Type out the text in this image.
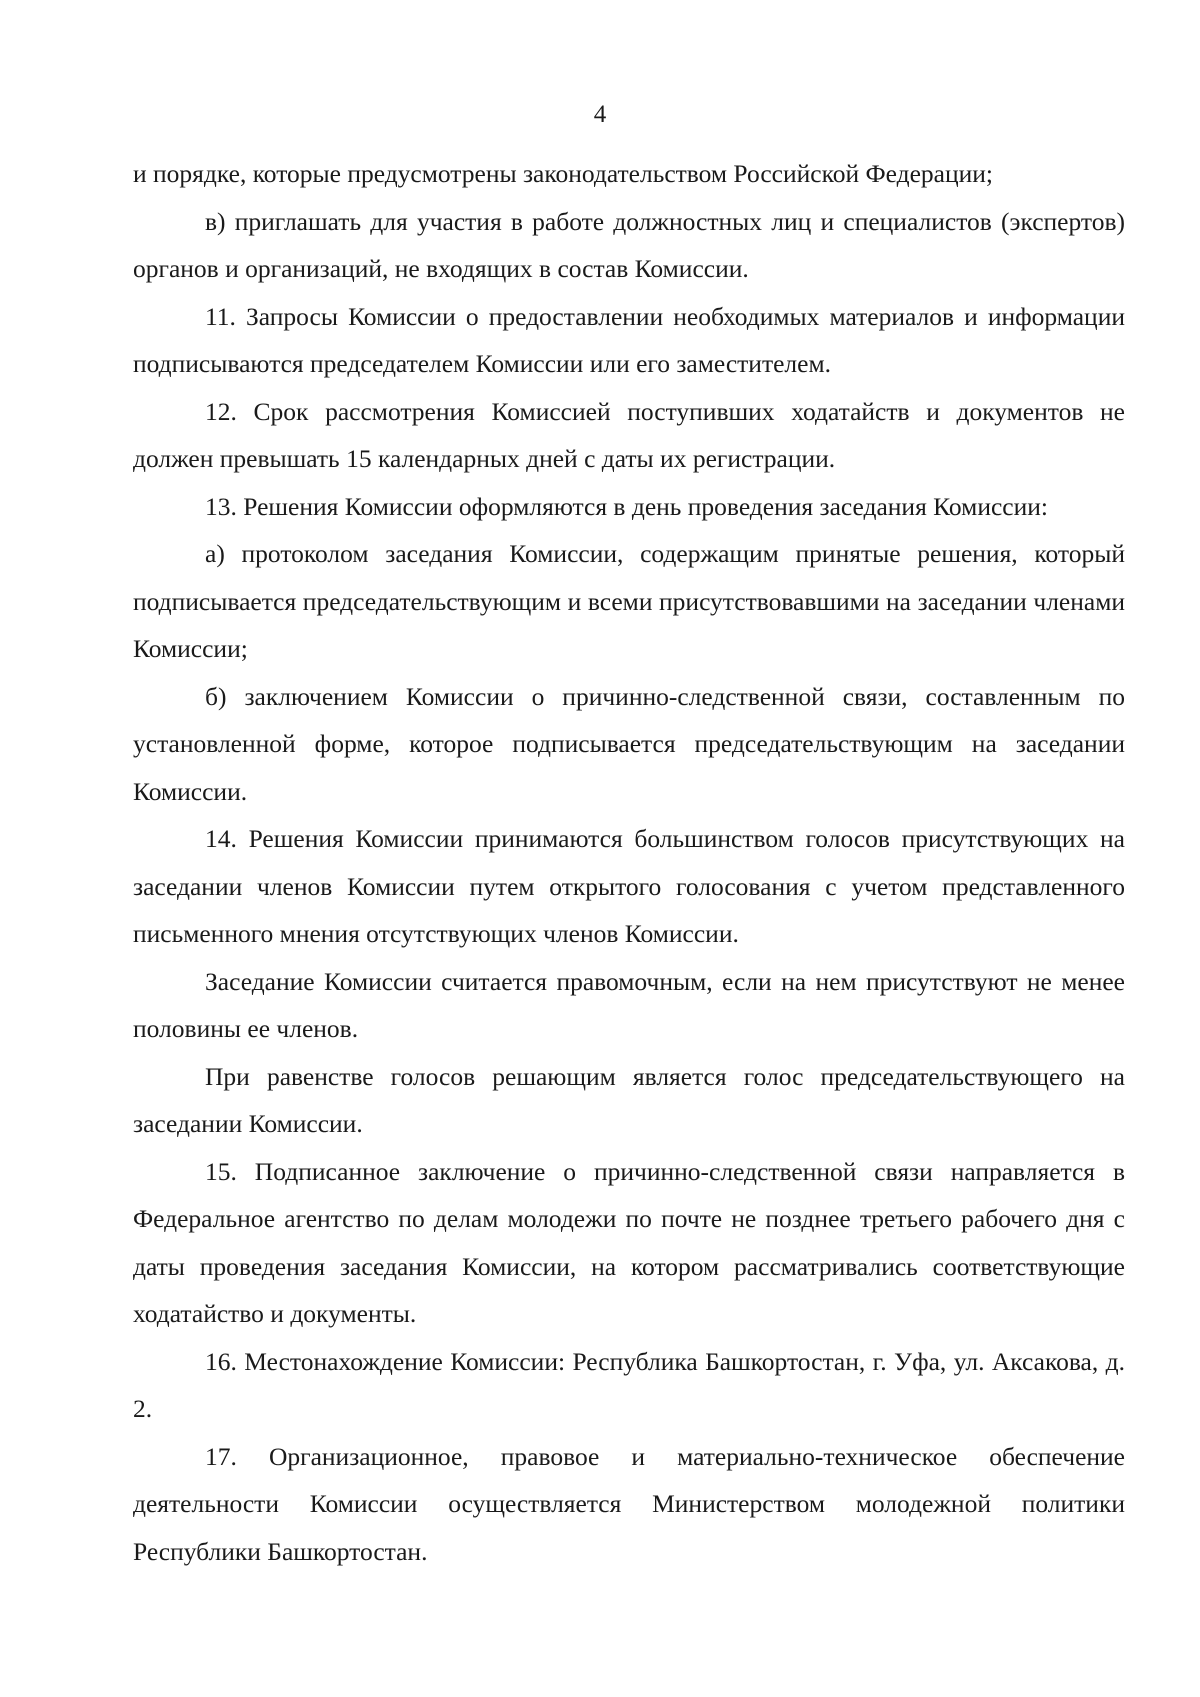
4

и порядке, которые предусмотрены законодательством Российской Федерации;

в) приглашать для участия в работе должностных лиц и специалистов (экспертов) органов и организаций, не входящих в состав Комиссии.

11. Запросы Комиссии о предоставлении необходимых материалов и информации подписываются председателем Комиссии или его заместителем.

12. Срок рассмотрения Комиссией поступивших ходатайств и документов не должен превышать 15 календарных дней с даты их регистрации.

13. Решения Комиссии оформляются в день проведения заседания Комиссии:

а) протоколом заседания Комиссии, содержащим принятые решения, который подписывается председательствующим и всеми присутствовавшими на заседании членами Комиссии;

б) заключением Комиссии о причинно-следственной связи, составленным по установленной форме, которое подписывается председательствующим на заседании Комиссии.

14. Решения Комиссии принимаются большинством голосов присутствующих на заседании членов Комиссии путем открытого голосования с учетом представленного письменного мнения отсутствующих членов Комиссии.

Заседание Комиссии считается правомочным, если на нем присутствуют не менее половины ее членов.

При равенстве голосов решающим является голос председательствующего на заседании Комиссии.

15. Подписанное заключение о причинно-следственной связи направляется в Федеральное агентство по делам молодежи по почте не позднее третьего рабочего дня с даты проведения заседания Комиссии, на котором рассматривались соответствующие ходатайство и документы.

16. Местонахождение Комиссии: Республика Башкортостан, г. Уфа, ул. Аксакова, д. 2.

17. Организационное, правовое и материально-техническое обеспечение деятельности Комиссии осуществляется Министерством молодежной политики Республики Башкортостан.
